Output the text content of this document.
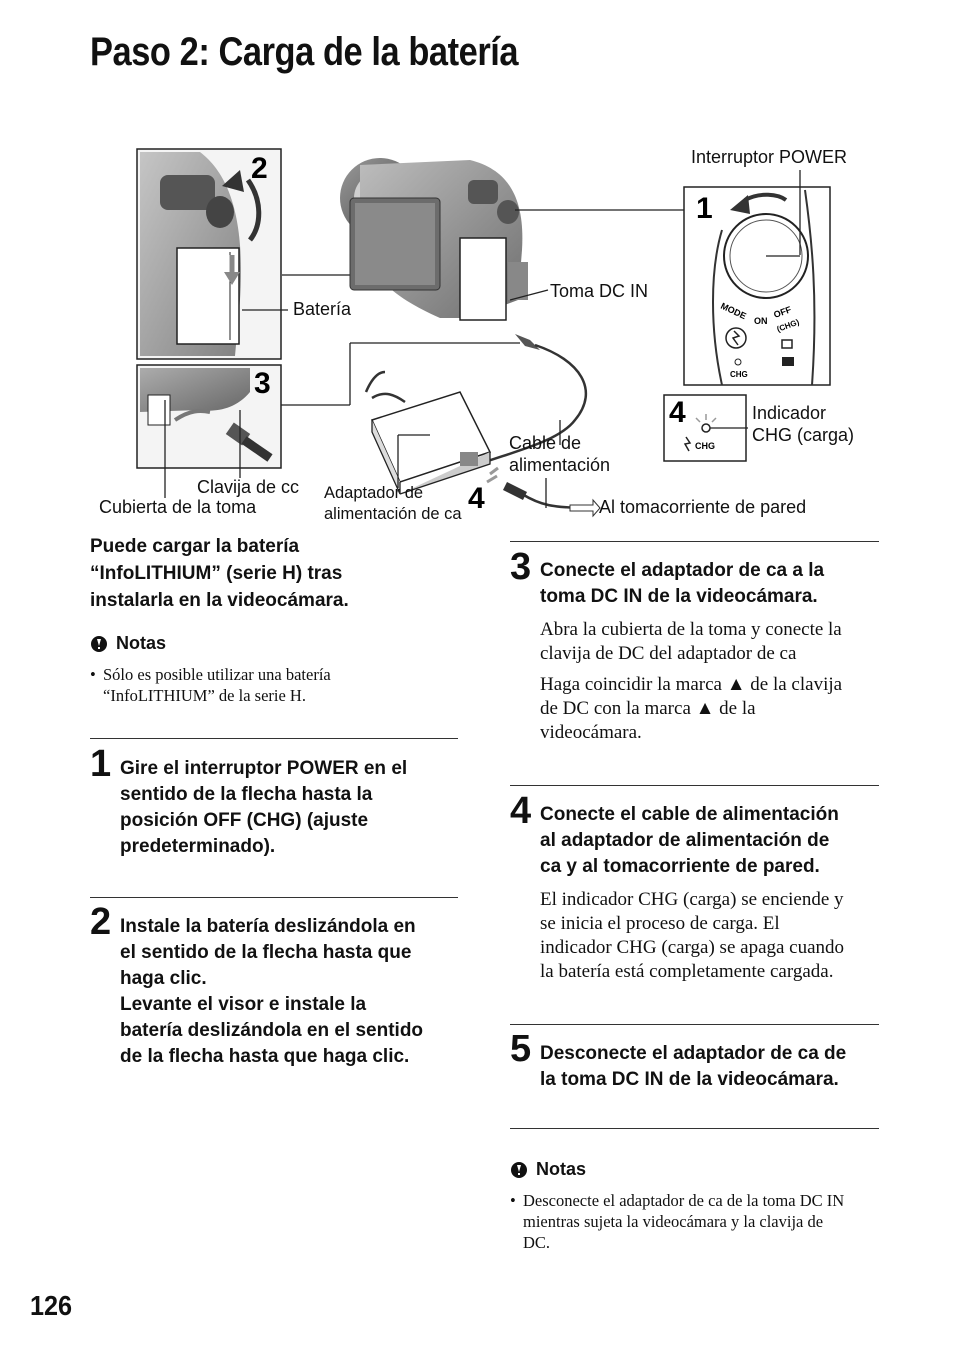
Paso 2: Carga de la batería
2
3
4
1
MODE ON
OFF
(CHG)
CHG
CHG
4
Interruptor POWER
Batería
Toma DC IN
Indicador
CHG (carga)
Cable de
alimentación
Clavija de cc
Cubierta de la toma
Adaptador de
alimentación de ca	Al tomacorriente de pared
Puede cargar la batería
“InfoLITHIUM” (serie H) tras
instalarla en la videocámara.
Notas
• Sólo es posible utilizar una batería
“InfoLITHIUM” de la serie H.
1 Gire el interruptor POWER en el
sentido de la flecha hasta la
posición OFF (CHG) (ajuste
predeterminado).
2 Instale la batería deslizándola en
el sentido de la flecha hasta que
haga clic.
Levante el visor e instale la
batería deslizándola en el sentido
de la flecha hasta que haga clic.
3 Conecte el adaptador de ca a la
toma DC IN de la videocámara.
Abra la cubierta de la toma y conecte la
clavija de DC del adaptador de ca
Haga coincidir la marca ▲ de la clavija
de DC con la marca ▲ de la
videocámara.
4 Conecte el cable de alimentación
al adaptador de alimentación de
ca y al tomacorriente de pared.
El indicador CHG (carga) se enciende y
se inicia el proceso de carga. El
indicador CHG (carga) se apaga cuando
la batería está completamente cargada.
5 Desconecte el adaptador de ca de
la toma DC IN de la videocámara.
Notas
• Desconecte el adaptador de ca de la toma DC IN
mientras sujeta la videocámara y la clavija de
DC.
126
